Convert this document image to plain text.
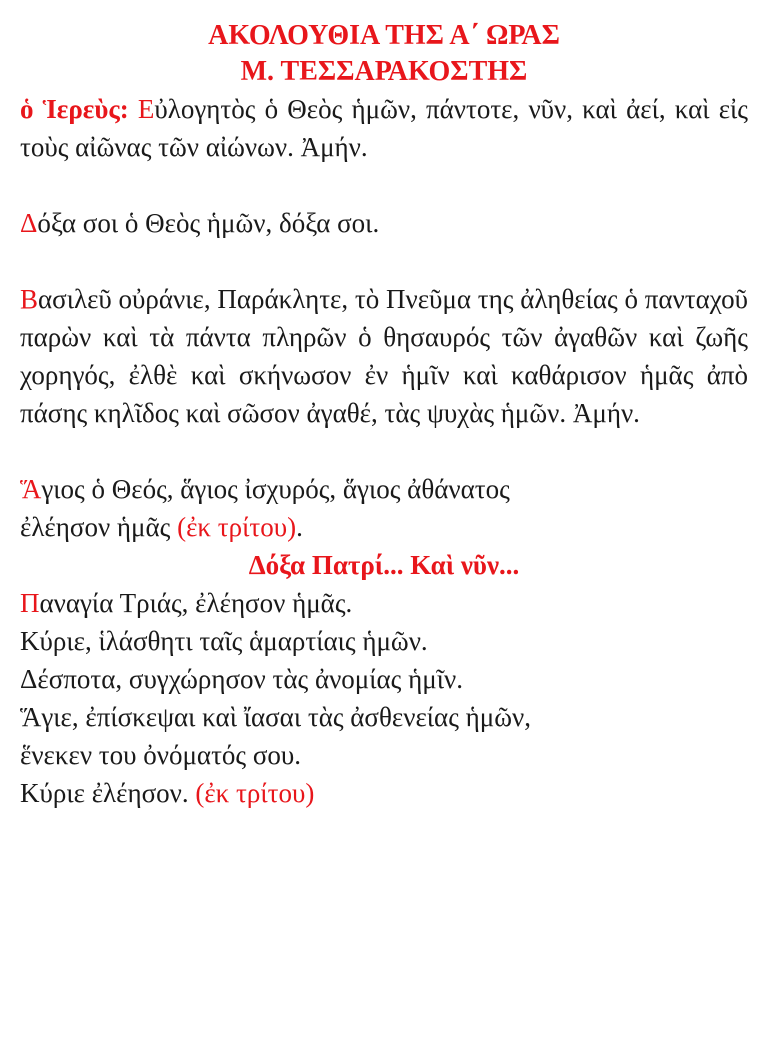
ΑΚΟΛΟΥΘΙΑ ΤΗΣ Α΄ ΩΡΑΣ
Μ. ΤΕΣΣΑΡΑΚΟΣΤΗΣ

ὁ Ἱερεὺς: Εὐλογητὸς ὁ Θεὸς ἡμῶν, πάντοτε, νῦν, καὶ ἀεί, καὶ εἰς τοὺς αἰῶνας τῶν αἰώνων. Ἀμήν.

Δόξα σοι ὁ Θεὸς ἡμῶν, δόξα σοι.

Βασιλεῦ οὐράνιε, Παράκλητε, τὸ Πνεῦμα της ἀληθείας ὁ πανταχοῦ παρὼν καὶ τὰ πάντα πληρῶν ὁ θησαυρός τῶν ἀγαθῶν καὶ ζωῆς χορηγός, ἐλθὲ καὶ σκήνωσον ἐν ἡμῖν καὶ καθάρισον ἡμᾶς ἀπὸ πάσης κηλῖδος καὶ σῶσον ἀγαθέ, τὰς ψυχὰς ἡμῶν. Ἀμήν.

Ἅγιος ὁ Θεός, ἅγιος ἰσχυρός, ἅγιος ἀθάνατος
ἐλέησον ἡμᾶς (ἐκ τρίτου).

Δόξα Πατρί... Καὶ νῦν...

Παναγία Τριάς, ἐλέησον ἡμᾶς.
Κύριε, ἱλάσθητι ταῖς ἁμαρτίαις ἡμῶν.
Δέσποτα, συγχώρησον τὰς ἀνομίας ἡμῖν.
Ἅγιε, ἐπίσκεψαι καὶ ἴασαι τὰς ἀσθενείας ἡμῶν,
ἕνεκεν του ὀνόματός σου.
Κύριε ἐλέησον. (ἐκ τρίτου)
